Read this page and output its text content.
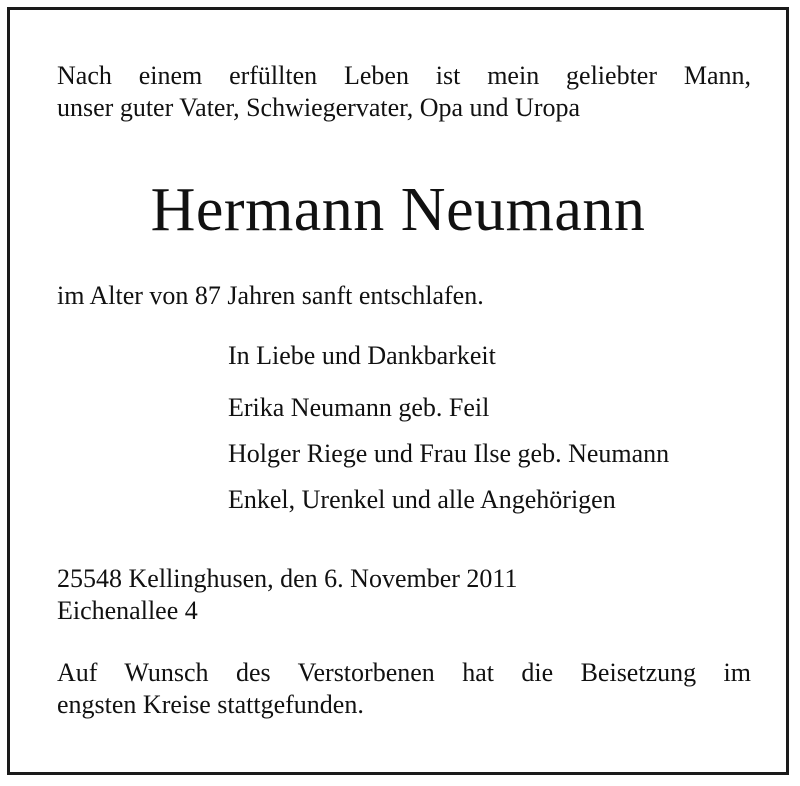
Nach einem erfüllten Leben ist mein geliebter Mann,
unser guter Vater, Schwiegervater, Opa und Uropa
Hermann Neumann
im Alter von 87 Jahren sanft entschlafen.
In Liebe und Dankbarkeit
Erika Neumann geb. Feil
Holger Riege und Frau Ilse geb. Neumann
Enkel, Urenkel und alle Angehörigen
25548 Kellinghusen, den 6. November 2011
Eichenallee 4
Auf Wunsch des Verstorbenen hat die Beisetzung im
engsten Kreise stattgefunden.
